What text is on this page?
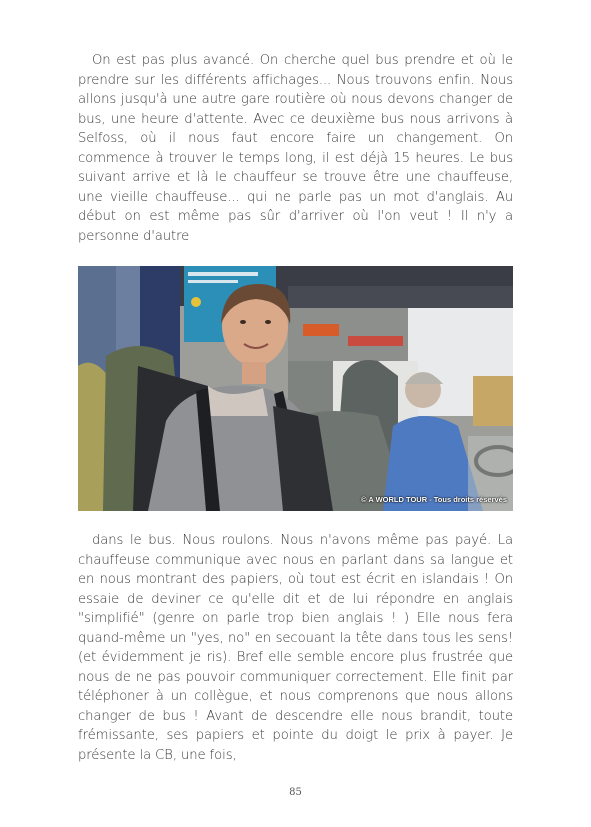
On est pas plus avancé. On cherche quel bus prendre et où le prendre sur les différents affichages... Nous trouvons enfin. Nous allons jusqu'à une autre gare routière où nous devons changer de bus, une heure d'attente. Avec ce deuxième bus nous arrivons à Selfoss, où il nous faut encore faire un changement. On commence à trouver le temps long, il est déjà 15 heures. Le bus suivant arrive et là le chauffeur se trouve être une chauffeuse, une vieille chauffeuse... qui ne parle pas un mot d'anglais. Au début on est même pas sûr d'arriver où l'on veut ! Il n'y a personne d'autre

© A WORLD TOUR - Tous droits réservés

dans le bus. Nous roulons. Nous n'avons même pas payé. La chauffeuse communique avec nous en parlant dans sa langue et en nous montrant des papiers, où tout est écrit en islandais ! On essaie de deviner ce qu'elle dit et de lui répondre en anglais "simplifié" (genre on parle trop bien anglais ! ) Elle nous fera quand-même un "yes, no" en secouant la tête dans tous les sens! (et évidemment je ris). Bref elle semble encore plus frustrée que nous de ne pas pouvoir communiquer correctement. Elle finit par téléphoner à un collègue, et nous comprenons que nous allons changer de bus ! Avant de descendre elle nous brandit, toute frémissante, ses papiers et pointe du doigt le prix à payer. Je présente la CB, une fois,

85
